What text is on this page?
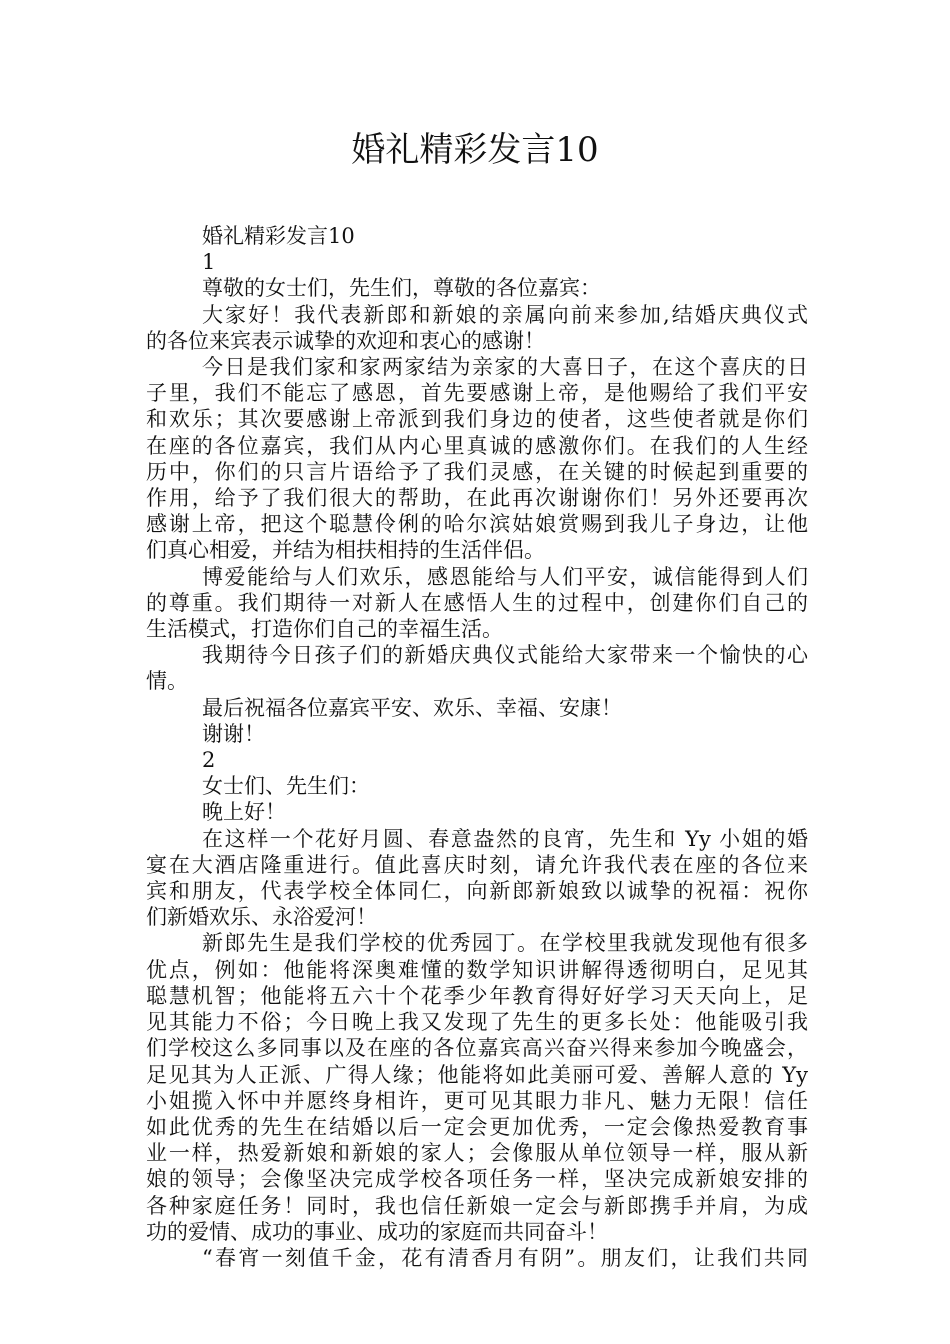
婚礼精彩发言10

婚礼精彩发言10

1

尊敬的女士们，先生们，尊敬的各位嘉宾：

大家好！我代表新郎和新娘的亲属向前来参加,结婚庆典仪式

的各位来宾表示诚挚的欢迎和衷心的感谢！

今日是我们家和家两家结为亲家的大喜日子，在这个喜庆的日

子里，我们不能忘了感恩，首先要感谢上帝，是他赐给了我们平安

和欢乐；其次要感谢上帝派到我们身边的使者，这些使者就是你们

在座的各位嘉宾，我们从内心里真诚的感激你们。在我们的人生经

历中，你们的只言片语给予了我们灵感，在关键的时候起到重要的

作用，给予了我们很大的帮助，在此再次谢谢你们！另外还要再次

感谢上帝，把这个聪慧伶俐的哈尔滨姑娘赏赐到我儿子身边，让他

们真心相爱，并结为相扶相持的生活伴侣。

博爱能给与人们欢乐，感恩能给与人们平安，诚信能得到人们

的尊重。我们期待一对新人在感悟人生的过程中，创建你们自己的

生活模式，打造你们自己的幸福生活。

我期待今日孩子们的新婚庆典仪式能给大家带来一个愉快的心

情。

最后祝福各位嘉宾平安、欢乐、幸福、安康！

谢谢！

2

女士们、先生们：

晚上好！

在这样一个花好月圆、春意盎然的良宵，先生和 Yy 小姐的婚

宴在大酒店隆重进行。值此喜庆时刻，请允许我代表在座的各位来

宾和朋友，代表学校全体同仁，向新郎新娘致以诚挚的祝福：祝你

们新婚欢乐、永浴爱河！

新郎先生是我们学校的优秀园丁。在学校里我就发现他有很多

优点，例如：他能将深奥难懂的数学知识讲解得透彻明白，足见其

聪慧机智；他能将五六十个花季少年教育得好好学习天天向上，足

见其能力不俗；今日晚上我又发现了先生的更多长处：他能吸引我

们学校这么多同事以及在座的各位嘉宾高兴奋兴得来参加今晚盛会，

足见其为人正派、广得人缘；他能将如此美丽可爱、善解人意的 Yy

小姐揽入怀中并愿终身相许，更可见其眼力非凡、魅力无限！信任

如此优秀的先生在结婚以后一定会更加优秀，一定会像热爱教育事

业一样，热爱新娘和新娘的家人；会像服从单位领导一样，服从新

娘的领导；会像坚决完成学校各项任务一样，坚决完成新娘安排的

各种家庭任务！同时，我也信任新娘一定会与新郎携手并肩，为成

功的爱情、成功的事业、成功的家庭而共同奋斗！

“春宵一刻值千金，花有清香月有阴”。朋友们，让我们共同
